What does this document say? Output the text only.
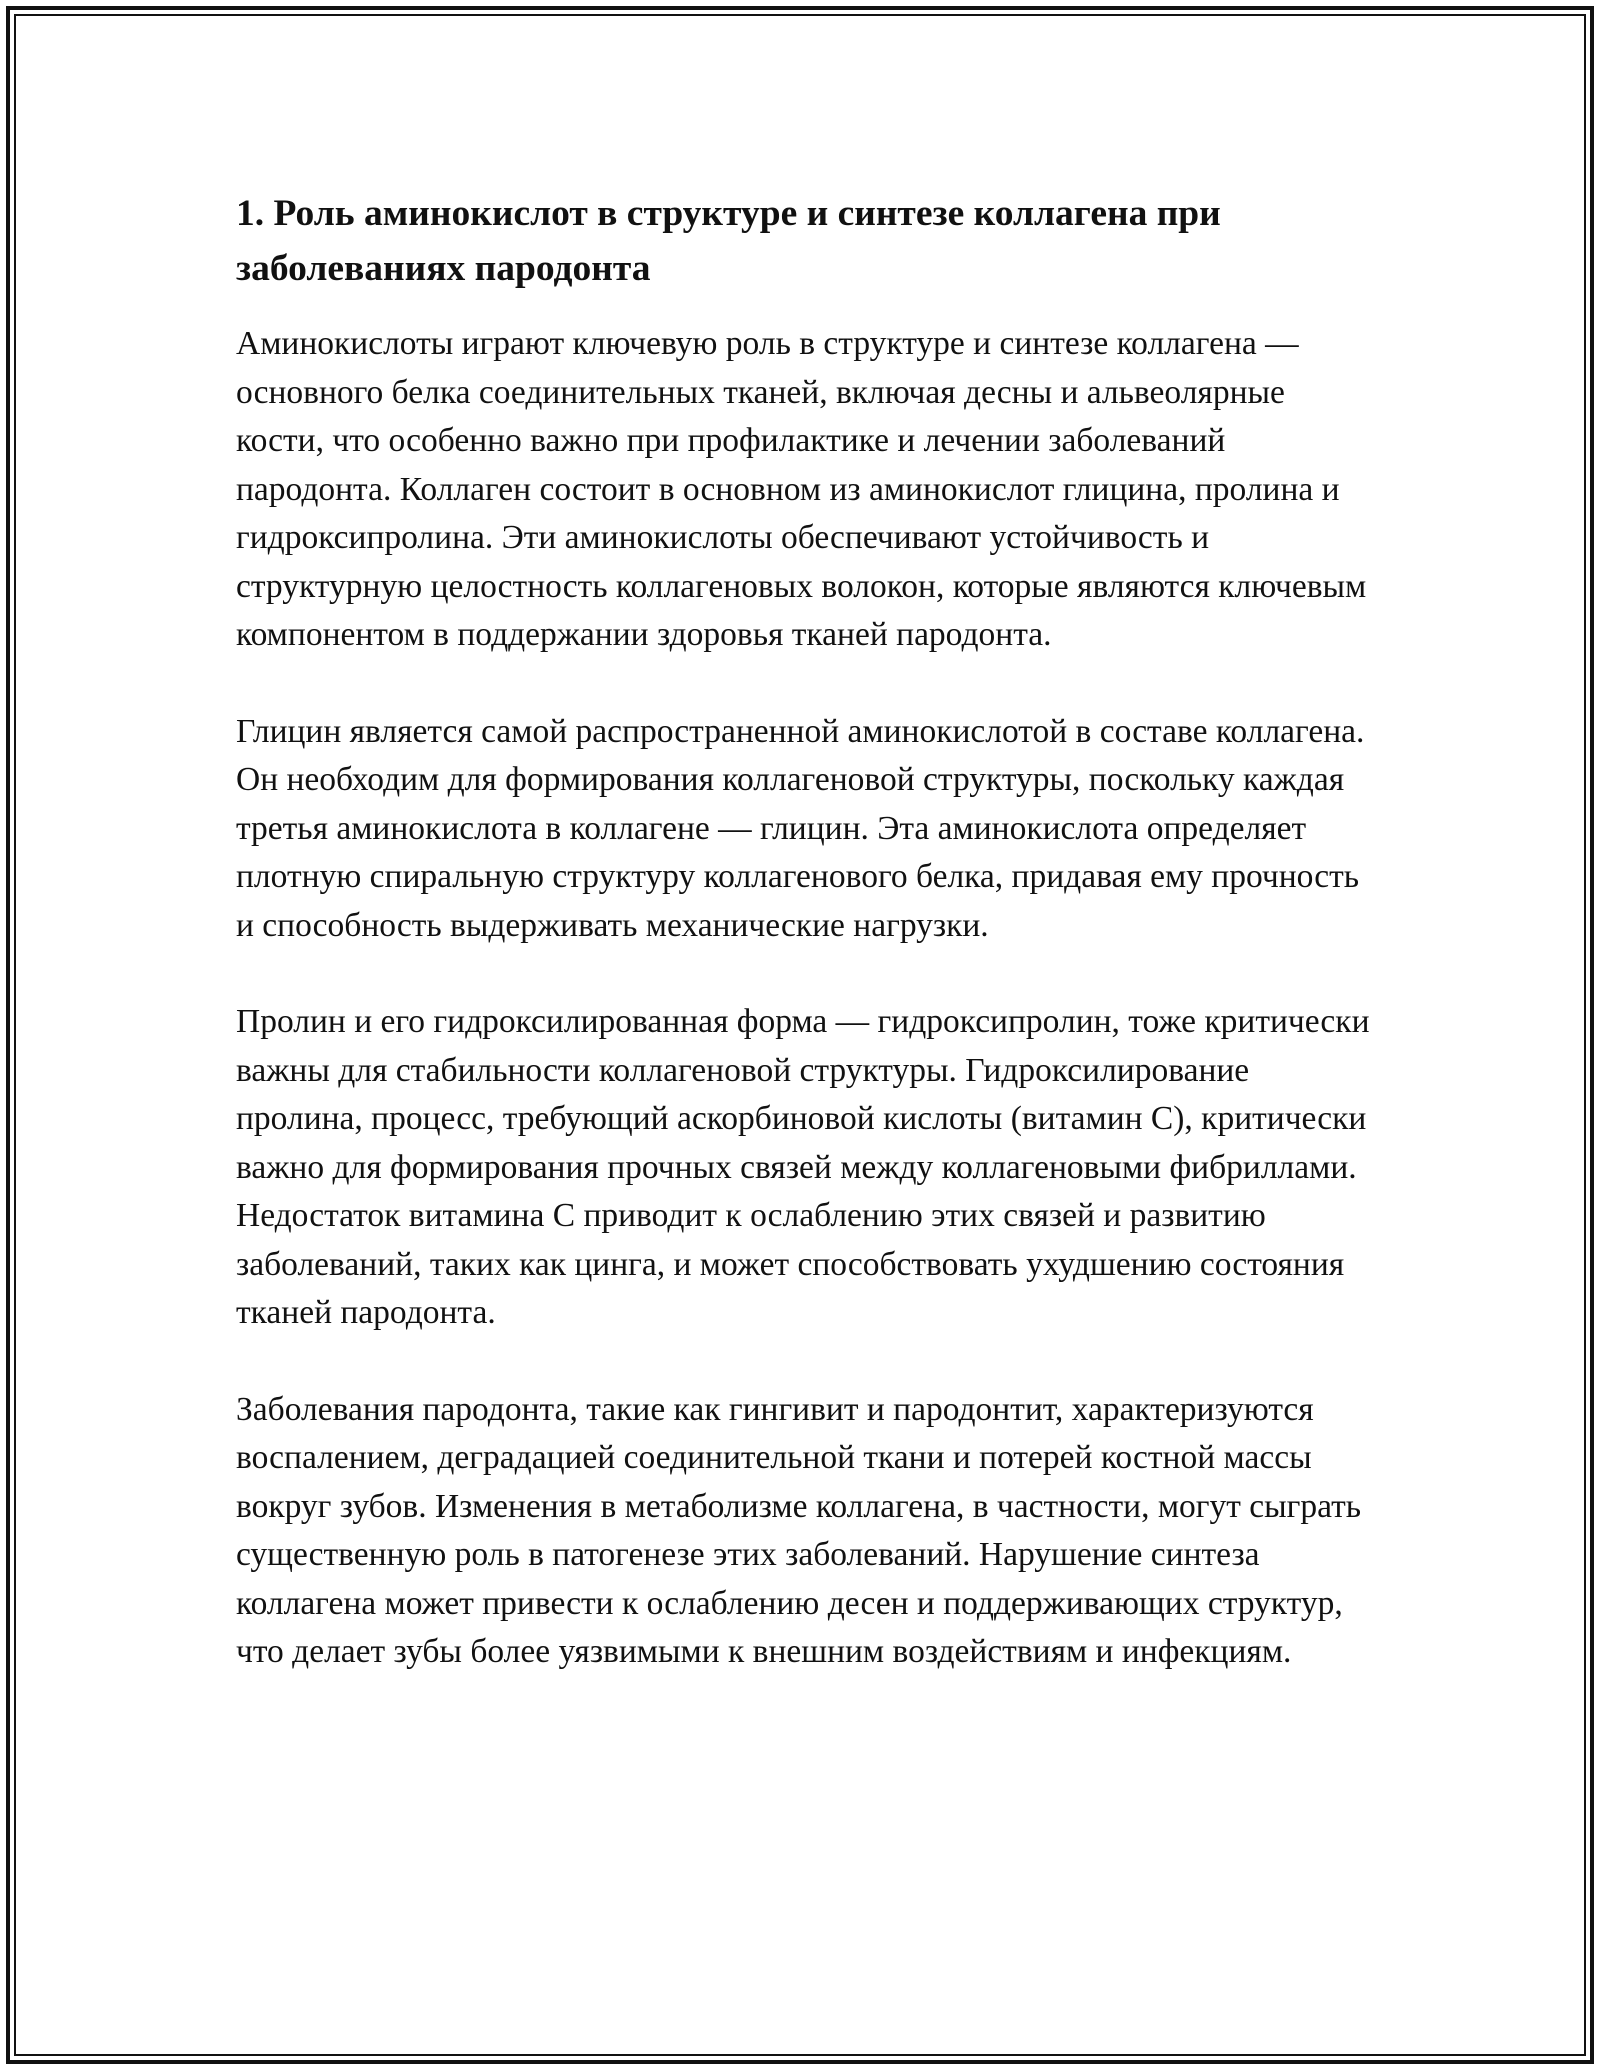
1. Роль аминокислот в структуре и синтезе коллагена при заболеваниях пародонта

Аминокислоты играют ключевую роль в структуре и синтезе коллагена — основного белка соединительных тканей, включая десны и альвеолярные кости, что особенно важно при профилактике и лечении заболеваний пародонта. Коллаген состоит в основном из аминокислот глицина, пролина и гидроксипролина. Эти аминокислоты обеспечивают устойчивость и структурную целостность коллагеновых волокон, которые являются ключевым компонентом в поддержании здоровья тканей пародонта.

Глицин является самой распространенной аминокислотой в составе коллагена. Он необходим для формирования коллагеновой структуры, поскольку каждая третья аминокислота в коллагене — глицин. Эта аминокислота определяет плотную спиральную структуру коллагенового белка, придавая ему прочность и способность выдерживать механические нагрузки.

Пролин и его гидроксилированная форма — гидроксипролин, тоже критически важны для стабильности коллагеновой структуры. Гидроксилирование пролина, процесс, требующий аскорбиновой кислоты (витамин C), критически важно для формирования прочных связей между коллагеновыми фибриллами. Недостаток витамина C приводит к ослаблению этих связей и развитию заболеваний, таких как цинга, и может способствовать ухудшению состояния тканей пародонта.

Заболевания пародонта, такие как гингивит и пародонтит, характеризуются воспалением, деградацией соединительной ткани и потерей костной массы вокруг зубов. Изменения в метаболизме коллагена, в частности, могут сыграть существенную роль в патогенезе этих заболеваний. Нарушение синтеза коллагена может привести к ослаблению десен и поддерживающих структур, что делает зубы более уязвимыми к внешним воздействиям и инфекциям.
